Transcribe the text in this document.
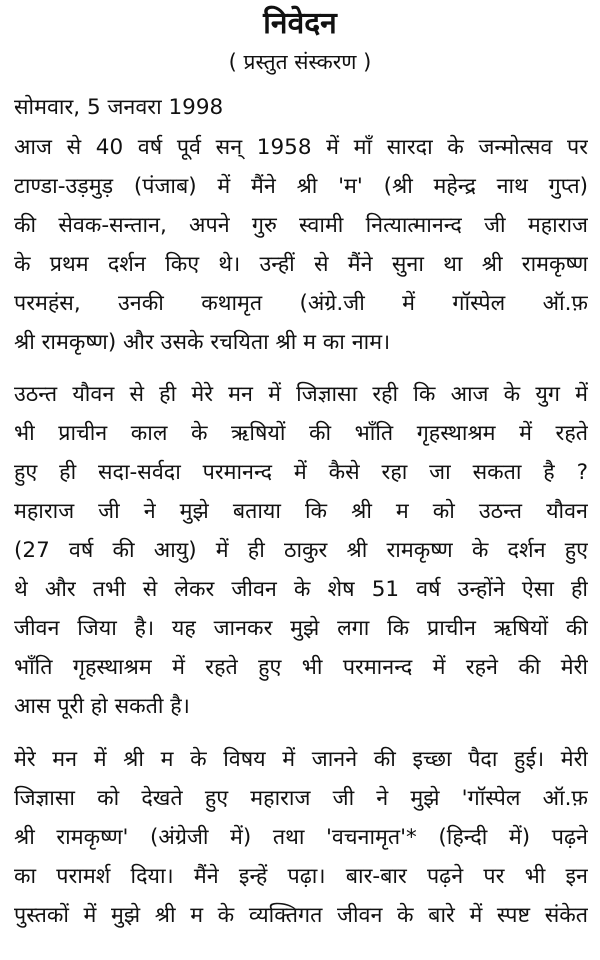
निवेदन
( प्रस्तुत संस्करण )
सोमवार, 5 जनवरा 1998
आज से 40 वर्ष पूर्व सन् 1958 में माँ सारदा के जन्मोत्सव पर
टाण्डा-उड़मुड़ (पंजाब) में मैंने श्री 'म' (श्री महेन्द्र नाथ गुप्त)
की सेवक-सन्तान, अपने गुरु स्वामी नित्यात्मानन्द जी महाराज
के प्रथम दर्शन किए थे। उन्हीं से मैंने सुना था श्री रामकृष्ण
परमहंस, उनकी कथामृत (अंग्रे.जी में गॉस्पेल ऑ.फ़
श्री रामकृष्ण) और उसके रचयिता श्री म का नाम।
उठन्त यौवन से ही मेरे मन में जिज्ञासा रही कि आज के युग में
भी प्राचीन काल के ऋषियों की भाँति गृहस्थाश्रम में रहते
हुए ही सदा-सर्वदा परमानन्द में कैसे रहा जा सकता है ?
महाराज जी ने मुझे बताया कि श्री म को उठन्त यौवन
(27 वर्ष की आयु) में ही ठाकुर श्री रामकृष्ण के दर्शन हुए
थे और तभी से लेकर जीवन के शेष 51 वर्ष उन्होंने ऐसा ही
जीवन जिया है। यह जानकर मुझे लगा कि प्राचीन ऋषियों की
भाँति गृहस्थाश्रम में रहते हुए भी परमानन्द में रहने की मेरी
आस पूरी हो सकती है।
मेरे मन में श्री म के विषय में जानने की इच्छा पैदा हुई। मेरी
जिज्ञासा को देखते हुए महाराज जी ने मुझे 'गॉस्पेल ऑ.फ़
श्री रामकृष्ण' (अंग्रेजी में) तथा 'वचनामृत'* (हिन्दी में) पढ़ने
का परामर्श दिया। मैंने इन्हें पढ़ा। बार-बार पढ़ने पर भी इन
पुस्तकों में मुझे श्री म के व्यक्तिगत जीवन के बारे में स्पष्ट संकेत
